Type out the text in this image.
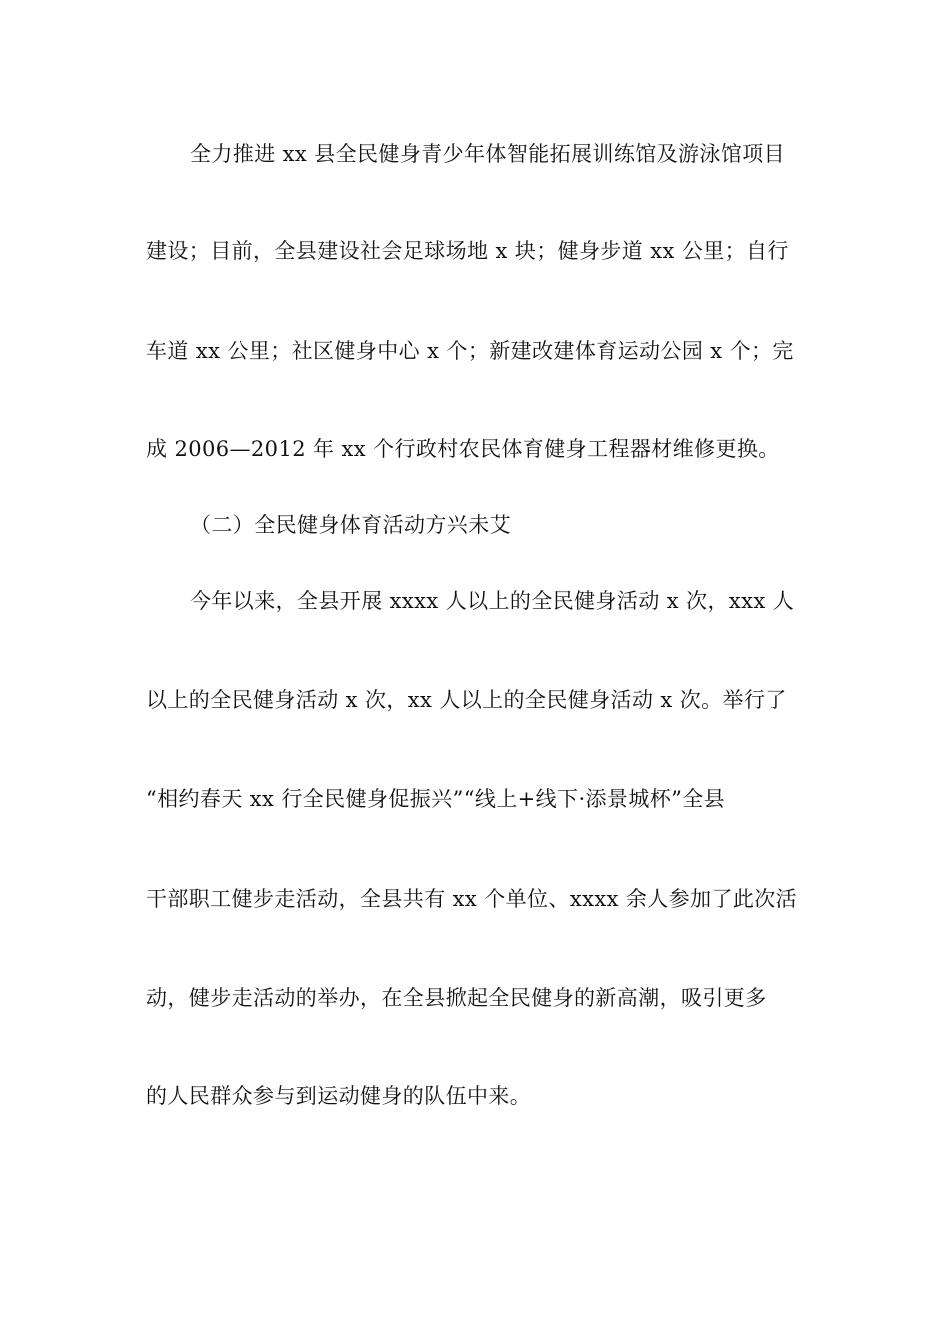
全力推进 xx 县全民健身青少年体智能拓展训练馆及游泳馆项目
建设；目前，全县建设社会足球场地 x 块；健身步道 xx 公里；自行
车道 xx 公里；社区健身中心 x 个；新建改建体育运动公园 x 个；完
成 2006—2012 年 xx 个行政村农民体育健身工程器材维修更换。
（二）全民健身体育活动方兴未艾
今年以来，全县开展 xxxx 人以上的全民健身活动 x 次，xxx 人
以上的全民健身活动 x 次，xx 人以上的全民健身活动 x 次。举行了
“相约春天 xx 行全民健身促振兴”“线上+线下·添景城杯”全县
干部职工健步走活动，全县共有 xx 个单位、xxxx 余人参加了此次活
动，健步走活动的举办，在全县掀起全民健身的新高潮，吸引更多
的人民群众参与到运动健身的队伍中来。
